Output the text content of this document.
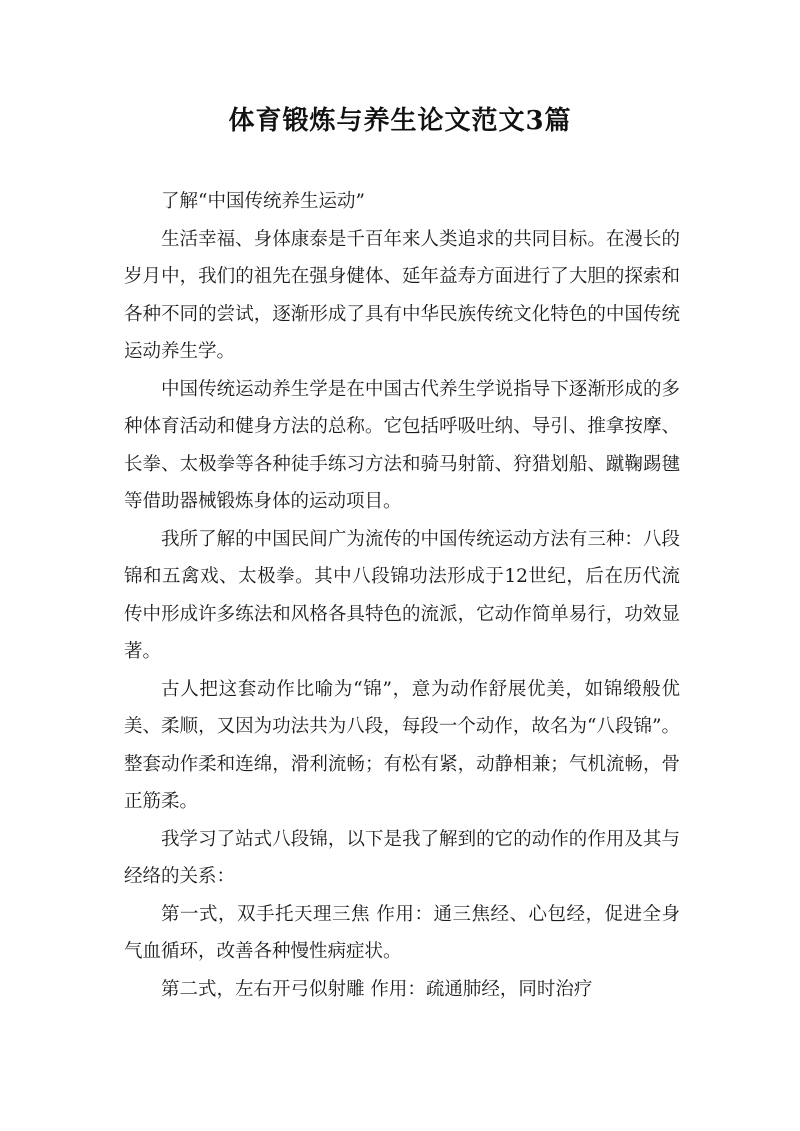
体育锻炼与养生论文范文3篇

了解“中国传统养生运动”

生活幸福、身体康泰是千百年来人类追求的共同目标。在漫长的岁月中，我们的祖先在强身健体、延年益寿方面进行了大胆的探索和各种不同的尝试，逐渐形成了具有中华民族传统文化特色的中国传统运动养生学。

中国传统运动养生学是在中国古代养生学说指导下逐渐形成的多种体育活动和健身方法的总称。它包括呼吸吐纳、导引、推拿按摩、长拳、太极拳等各种徒手练习方法和骑马射箭、狩猎划船、蹴鞠踢毽等借助器械锻炼身体的运动项目。

我所了解的中国民间广为流传的中国传统运动方法有三种：八段锦和五禽戏、太极拳。其中八段锦功法形成于12世纪，后在历代流传中形成许多练法和风格各具特色的流派，它动作简单易行，功效显著。

古人把这套动作比喻为“锦”，意为动作舒展优美，如锦缎般优美、柔顺，又因为功法共为八段，每段一个动作，故名为“八段锦”。整套动作柔和连绵，滑利流畅；有松有紧，动静相兼；气机流畅，骨正筋柔。

我学习了站式八段锦，以下是我了解到的它的动作的作用及其与经络的关系：

第一式，双手托天理三焦 作用：通三焦经、心包经，促进全身气血循环，改善各种慢性病症状。

第二式，左右开弓似射雕 作用：疏通肺经，同时治疗
